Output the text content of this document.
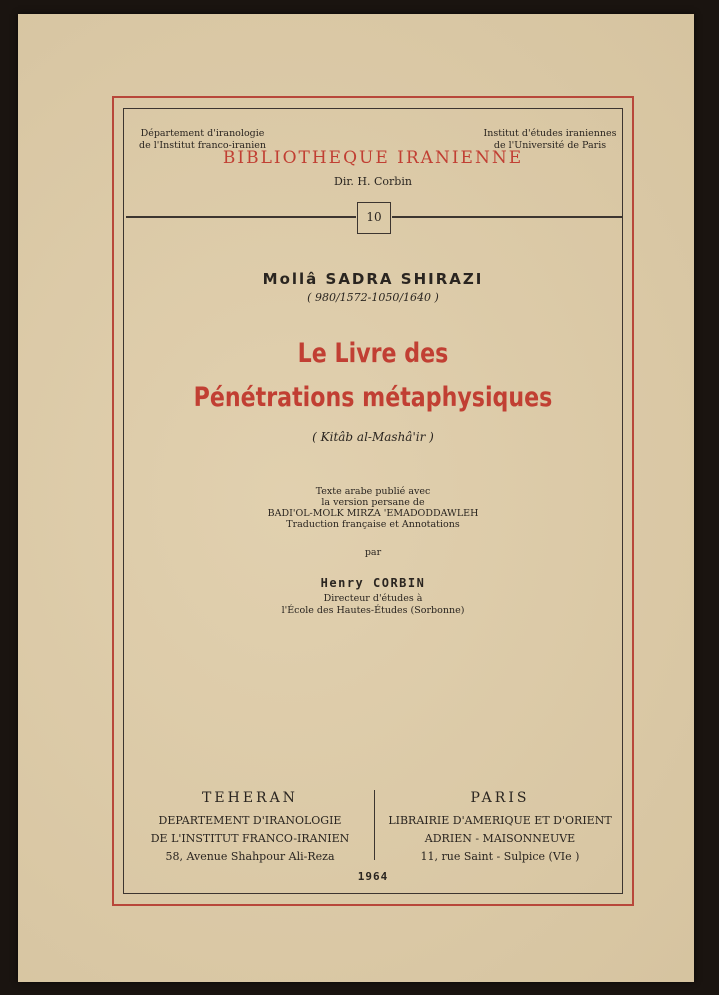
Département d'iranologie
de l'Institut franco-iranien
Institut d'études iraniennes
de l'Université de Paris
BIBLIOTHEQUE IRANIENNE
Dir. H. Corbin
10
Mollâ SADRA SHIRAZI
( 980/1572-1050/1640 )
Le Livre des
Pénétrations métaphysiques
( Kitâb al-Mashâ'ir )
Texte arabe publié avec
la version persane de
BADI'OL-MOLK MIRZA 'EMADODDAWLEH
Traduction française et Annotations
par
Henry CORBIN
Directeur d'études à
l'École des Hautes-Études (Sorbonne)
TEHERAN
DEPARTEMENT D'IRANOLOGIE
DE L'INSTITUT FRANCO-IRANIEN
58, Avenue Shahpour Ali-Reza
PARIS
LIBRAIRIE D'AMERIQUE ET D'ORIENT
ADRIEN - MAISONNEUVE
11, rue Saint - Sulpice (VIe )
1964
